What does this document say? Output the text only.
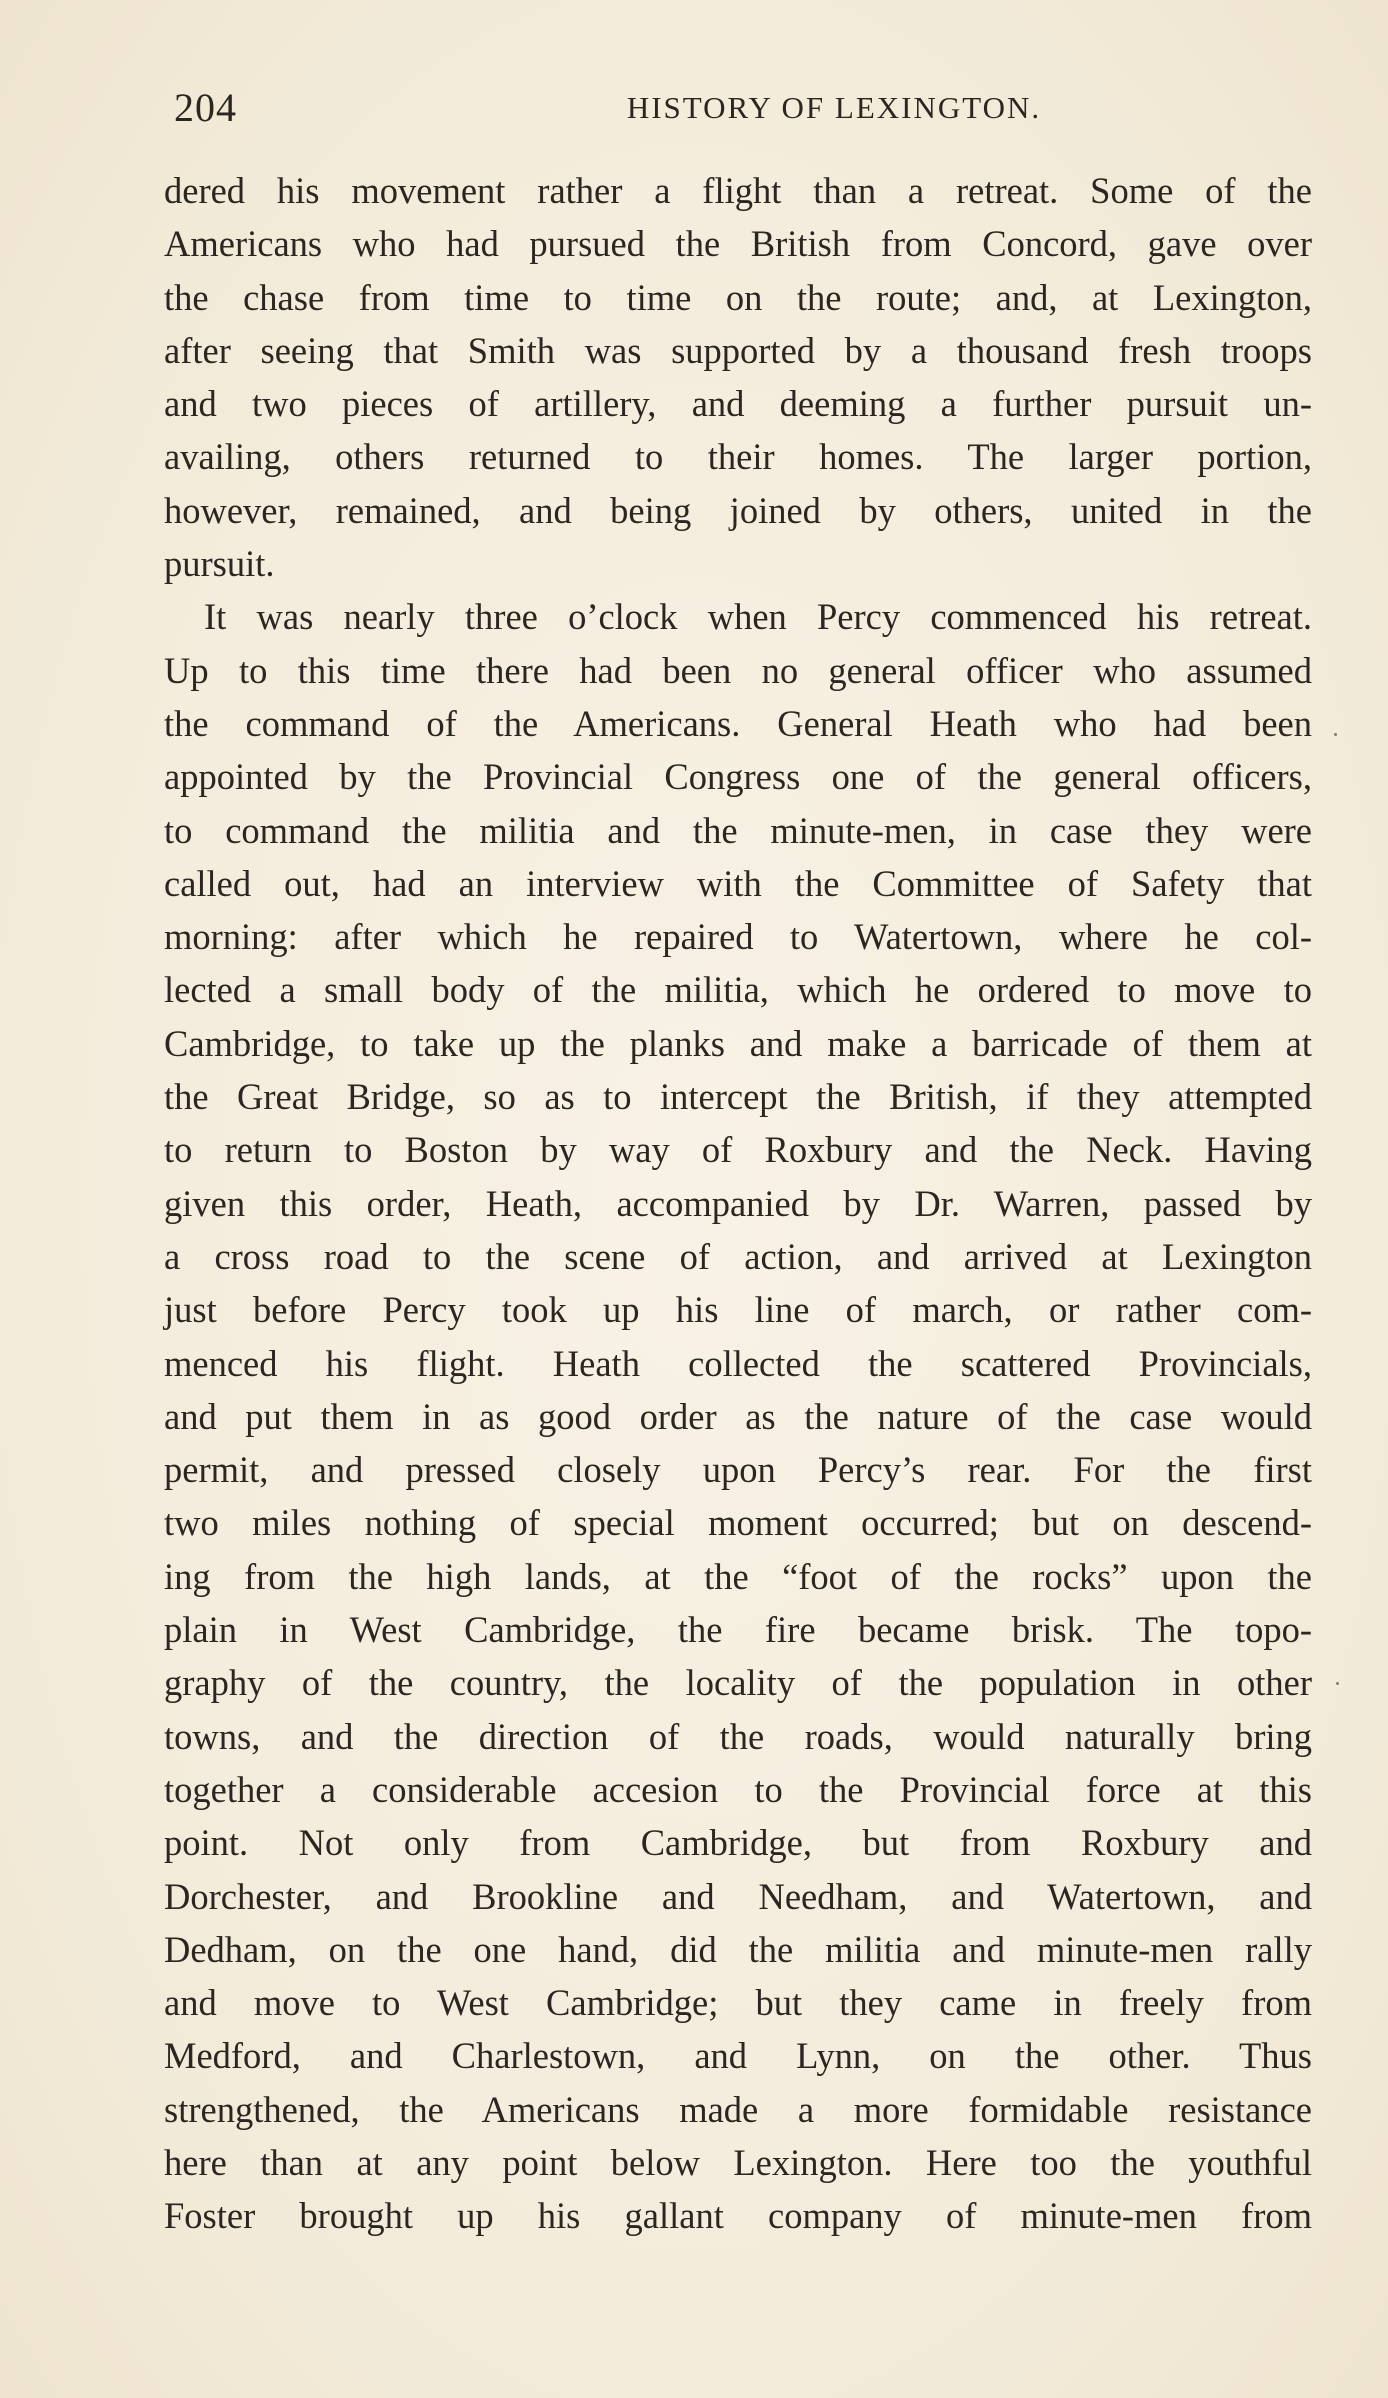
204	HISTORY OF LEXINGTON.
dered his movement rather a flight than a retreat. Some of the
Americans who had pursued the British from Concord, gave over
the chase from time to time on the route; and, at Lexington,
after seeing that Smith was supported by a thousand fresh troops
and two pieces of artillery, and deeming a further pursuit un-
availing, others returned to their homes. The larger portion,
however, remained, and being joined by others, united in the
pursuit.
It was nearly three o’clock when Percy commenced his retreat.
Up to this time there had been no general officer who assumed
the command of the Americans. General Heath who had been
appointed by the Provincial Congress one of the general officers,
to command the militia and the minute-men, in case they were
called out, had an interview with the Committee of Safety that
morning: after which he repaired to Watertown, where he col-
lected a small body of the militia, which he ordered to move to
Cambridge, to take up the planks and make a barricade of them at
the Great Bridge, so as to intercept the British, if they attempted
to return to Boston by way of Roxbury and the Neck. Having
given this order, Heath, accompanied by Dr. Warren, passed by
a cross road to the scene of action, and arrived at Lexington
just before Percy took up his line of march, or rather com-
menced his flight. Heath collected the scattered Provincials,
and put them in as good order as the nature of the case would
permit, and pressed closely upon Percy’s rear. For the first
two miles nothing of special moment occurred; but on descend-
ing from the high lands, at the “foot of the rocks” upon the
plain in West Cambridge, the fire became brisk. The topo-
graphy of the country, the locality of the population in other
towns, and the direction of the roads, would naturally bring
together a considerable accesion to the Provincial force at this
point. Not only from Cambridge, but from Roxbury and
Dorchester, and Brookline and Needham, and Watertown, and
Dedham, on the one hand, did the militia and minute-men rally
and move to West Cambridge; but they came in freely from
Medford, and Charlestown, and Lynn, on the other. Thus
strengthened, the Americans made a more formidable resistance
here than at any point below Lexington. Here too the youthful
Foster brought up his gallant company of minute-men from
